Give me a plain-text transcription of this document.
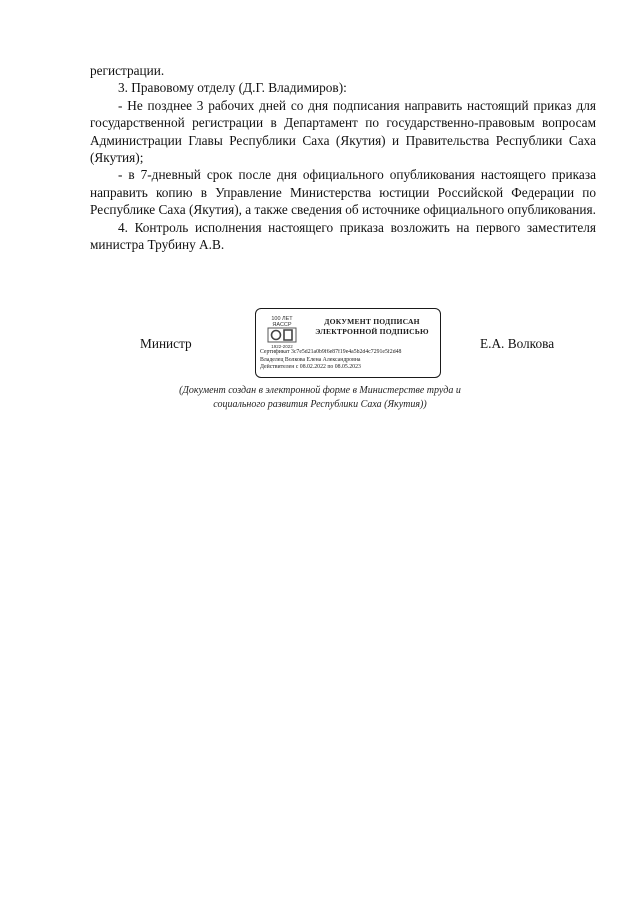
регистрации.

3. Правовому отделу (Д.Г. Владимиров):

- Не позднее 3 рабочих дней со дня подписания направить настоящий приказ для государственной регистрации в Департамент по государственно-правовым вопросам Администрации Главы Республики Саха (Якутия) и Правительства Республики Саха (Якутия);

- в 7-дневный срок после дня официального опубликования настоящего приказа направить копию в Управление Министерства юстиции Российской Федерации по Республике Саха (Якутия), а также сведения об источнике официального опубликования.

4. Контроль исполнения настоящего приказа возложить на первого заместителя министра Трубину А.В.

Министр
100 ЛЕТ
ЯАССР
1922-2022
ДОКУМЕНТ ПОДПИСАН
ЭЛЕКТРОННОЙ ПОДПИСЬЮ
Сертификат 3c7e5d21a0b9f6e87f19e4a5b2d4c7291e5f2d48
Владелец Волкова Елена Александровна
Действителен с 08.02.2022 по 08.05.2023
Е.А. Волкова
(Документ создан в электронной форме в Министерстве труда и
социального развития Республики Саха (Якутия))
